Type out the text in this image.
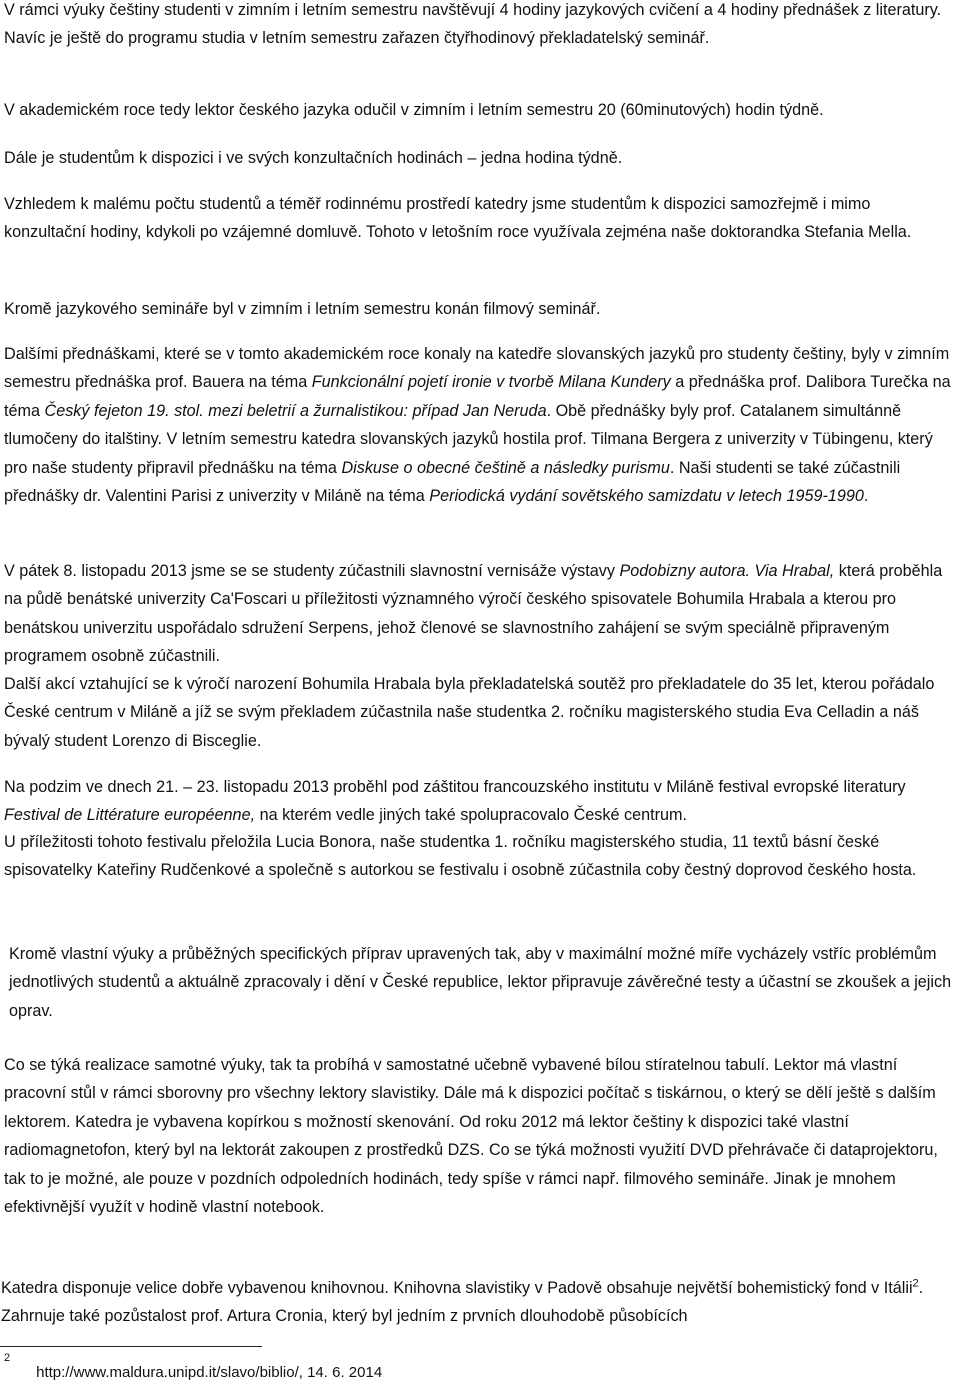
V rámci výuky češtiny studenti v zimním i letním semestru navštěvují 4 hodiny jazykových cvičení a 4 hodiny přednášek z literatury. Navíc je ještě do programu studia v letním semestru zařazen čtyřhodinový překladatelský seminář.

V akademickém roce tedy lektor českého jazyka odučil v zimním i letním semestru 20 (60minutových) hodin týdně.

Dále je studentům k dispozici i ve svých konzultačních hodinách – jedna hodina týdně.

Vzhledem k malému počtu studentů a téměř rodinnému prostředí katedry jsme studentům k dispozici samozřejmě i mimo konzultační hodiny, kdykoli po vzájemné domluvě. Tohoto v letošním roce využívala zejména naše doktorandka Stefania Mella.

Kromě jazykového semináře byl v zimním i letním semestru konán filmový seminář.

Dalšími přednáškami, které se v tomto akademickém roce konaly na katedře slovanských jazyků pro studenty češtiny, byly v zimním semestru přednáška prof. Bauera na téma Funkcionální pojetí ironie v tvorbě Milana Kundery a přednáška prof. Dalibora Turečka na téma Český fejeton 19. stol. mezi beletrií a žurnalistikou: případ Jan Neruda. Obě přednášky byly prof. Catalanem simultánně tlumočeny do italštiny. V letním semestru katedra slovanských jazyků hostila prof. Tilmana Bergera z univerzity v Tübingenu, který pro naše studenty připravil přednášku na téma Diskuse o obecné češtině a následky purismu. Naši studenti se také zúčastnili přednášky dr. Valentini Parisi z univerzity v Miláně na téma Periodická vydání sovětského samizdatu v letech 1959-1990.

V pátek 8. listopadu 2013 jsme se se studenty zúčastnili slavnostní vernisáže výstavy Podobizny autora. Via Hrabal, která proběhla na půdě benátské univerzity Ca'Foscari u příležitosti významného výročí českého spisovatele Bohumila Hrabala a kterou pro benátskou univerzitu uspořádalo sdružení Serpens, jehož členové se slavnostního zahájení se svým speciálně připraveným programem osobně zúčastnili.

Další akcí vztahující se k výročí narození Bohumila Hrabala byla překladatelská soutěž pro překladatele do 35 let, kterou pořádalo České centrum v Miláně a jíž se svým překladem zúčastnila naše studentka 2. ročníku magisterského studia Eva Celladin a náš bývalý student Lorenzo di Bisceglie.

Na podzim ve dnech 21. – 23. listopadu 2013 proběhl pod záštitou francouzského institutu v Miláně festival evropské literatury Festival de Littérature européenne, na kterém vedle jiných také spolupracovalo České centrum.

U příležitosti tohoto festivalu přeložila Lucia Bonora, naše studentka 1. ročníku magisterského studia, 11 textů básní české spisovatelky Kateřiny Rudčenkové a společně s autorkou se festivalu i osobně zúčastnila coby čestný doprovod českého hosta.

Kromě vlastní výuky a průběžných specifických příprav upravených tak, aby v maximální možné míře vycházely vstříc problémům jednotlivých studentů a aktuálně zpracovaly i dění v České republice, lektor připravuje závěrečné testy a účastní se zkoušek a jejich oprav.

Co se týká realizace samotné výuky, tak ta probíhá v samostatné učebně vybavené bílou stíratelnou tabulí. Lektor má vlastní pracovní stůl v rámci sborovny pro všechny lektory slavistiky. Dále má k dispozici počítač s tiskárnou, o který se dělí ještě s dalším lektorem. Katedra je vybavena kopírkou s možností skenování. Od roku 2012 má lektor češtiny k dispozici také vlastní radiomagnetofon, který byl na lektorát zakoupen z prostředků DZS. Co se týká možnosti využití DVD přehrávače či dataprojektoru, tak to je možné, ale pouze v pozdních odpoledních hodinách, tedy spíše v rámci např. filmového semináře. Jinak je mnohem efektivnější využít v hodině vlastní notebook.

Katedra disponuje velice dobře vybavenou knihovnou. Knihovna slavistiky v Padově obsahuje největší bohemistický fond v Itálii$^2$. Zahrnuje také pozůstalost prof. Artura Cronia, který byl jedním z prvních dlouhodobě působících

$^2$http://www.maldura.unipd.it/slavo/biblio/, 14. 6. 2014
